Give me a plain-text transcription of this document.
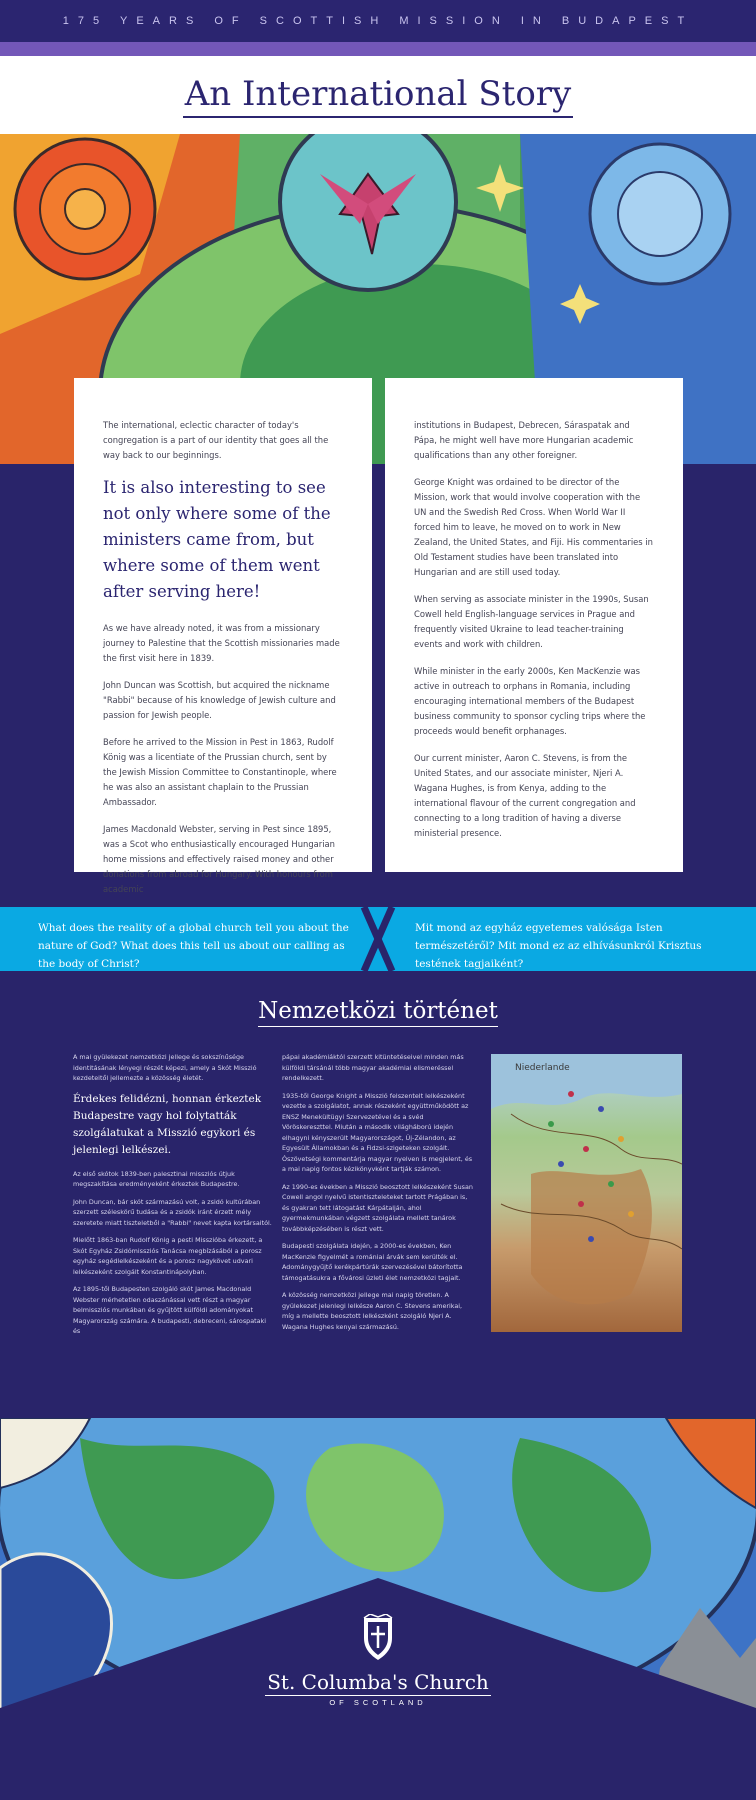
175 YEARS OF SCOTTISH MISSION IN BUDAPEST
An International Story

The international, eclectic character of today's congregation is a part of our identity that goes all the way back to our beginnings.

It is also interesting to see not only where some of the ministers came from, but where some of them went after serving here!

As we have already noted, it was from a missionary journey to Palestine that the Scottish missionaries made the first visit here in 1839.

John Duncan was Scottish, but acquired the nickname "Rabbi" because of his knowledge of Jewish culture and passion for Jewish people.

Before he arrived to the Mission in Pest in 1863, Rudolf König was a licentiate of the Prussian church, sent by the Jewish Mission Committee to Constantinople, where he was also an assistant chaplain to the Prussian Ambassador.

James Macdonald Webster, serving in Pest since 1895, was a Scot who enthusiastically encouraged Hungarian home missions and effectively raised money and other donations from abroad for Hungary. With honours from academic

institutions in Budapest, Debrecen, Sáraspatak and Pápa, he might well have more Hungarian academic qualifications than any other foreigner.

George Knight was ordained to be director of the Mission, work that would involve cooperation with the UN and the Swedish Red Cross. When World War II forced him to leave, he moved on to work in New Zealand, the United States, and Fiji. His commentaries in Old Testament studies have been translated into Hungarian and are still used today.

When serving as associate minister in the 1990s, Susan Cowell held English-language services in Prague and frequently visited Ukraine to lead teacher-training events and work with children.

While minister in the early 2000s, Ken MacKenzie was active in outreach to orphans in Romania, including encouraging international members of the Budapest business community to sponsor cycling trips where the proceeds would benefit orphanages.

Our current minister, Aaron C. Stevens, is from the United States, and our associate minister, Njeri A. Wagana Hughes, is from Kenya, adding to the international flavour of the current congregation and connecting to a long tradition of having a diverse ministerial presence.

What does the reality of a global church tell you about the nature of God? What does this tell us about our calling as the body of Christ?
Mit mond az egyház egyetemes valósága Isten természetéről? Mit mond ez az elhívásunkról Krisztus testének tagjaiként?
Nemzetközi történet

A mai gyülekezet nemzetközi jellege és sokszínűsége identitásának lényegi részét képezi, amely a Skót Misszió kezdeteitől jellemezte a közösség életét.

Érdekes felidézni, honnan érkeztek Budapestre vagy hol folytatták szolgálatukat a Misszió egykori és jelenlegi lelkészei.

Az első skótok 1839-ben palesztinai missziós útjuk megszakítása eredményeként érkeztek Budapestre.

John Duncan, bár skót származású volt, a zsidó kultúrában szerzett széleskörű tudása és a zsidók iránt érzett mély szeretete miatt tiszteletből a "Rabbi" nevet kapta kortársaitól.

Mielőtt 1863-ban Rudolf König a pesti Misszióba érkezett, a Skót Egyház Zsidómissziós Tanácsa megbízásából a porosz egyház segédlelkészeként és a porosz nagykövet udvari lelkészeként szolgált Konstantinápolyban.

Az 1895-től Budapesten szolgáló skót James Macdonald Webster mérhetetlen odaszánással vett részt a magyar belmissziós munkában és gyűjtött külföldi adományokat Magyarország számára. A budapesti, debreceni, sárospataki és

pápai akadémiáktól szerzett kitüntetéseivel minden más külföldi társánál több magyar akadémiai elismeréssel rendelkezett.

1935-től George Knight a Misszió felszentelt lelkészeként vezette a szolgálatot, annak részeként együttműködött az ENSZ Menekültügyi Szervezetével és a svéd Vöröskereszttel. Miután a második világháború idején elhagyni kényszerült Magyarországot, Új-Zélandon, az Egyesült Államokban és a Fidzsi-szigeteken szolgált. Ószövetségi kommentárja magyar nyelven is megjelent, és a mai napig fontos kézikönyvként tartják számon.

Az 1990-es években a Misszió beosztott lelkészeként Susan Cowell angol nyelvű istentiszteleteket tartott Prágában is, és gyakran tett látogatást Kárpátalján, ahol gyermekmunkában végzett szolgálata mellett tanárok továbbképzésében is részt vett.

Budapesti szolgálata idején, a 2000-es években, Ken MacKenzie figyelmét a romániai árvák sem kerülték el. Adománygyűjtő kerékpártúrák szervezésével bátorította támogatásukra a fővárosi üzleti élet nemzetközi tagjait.

A közösség nemzetközi jellege mai napig töretlen. A gyülekezet jelenlegi lelkésze Aaron C. Stevens amerikai, míg a mellette beosztott lelkészként szolgáló Njeri A. Wagana Hughes kenyai származású.

Niederlande
St. Columba's Church
OF SCOTLAND
